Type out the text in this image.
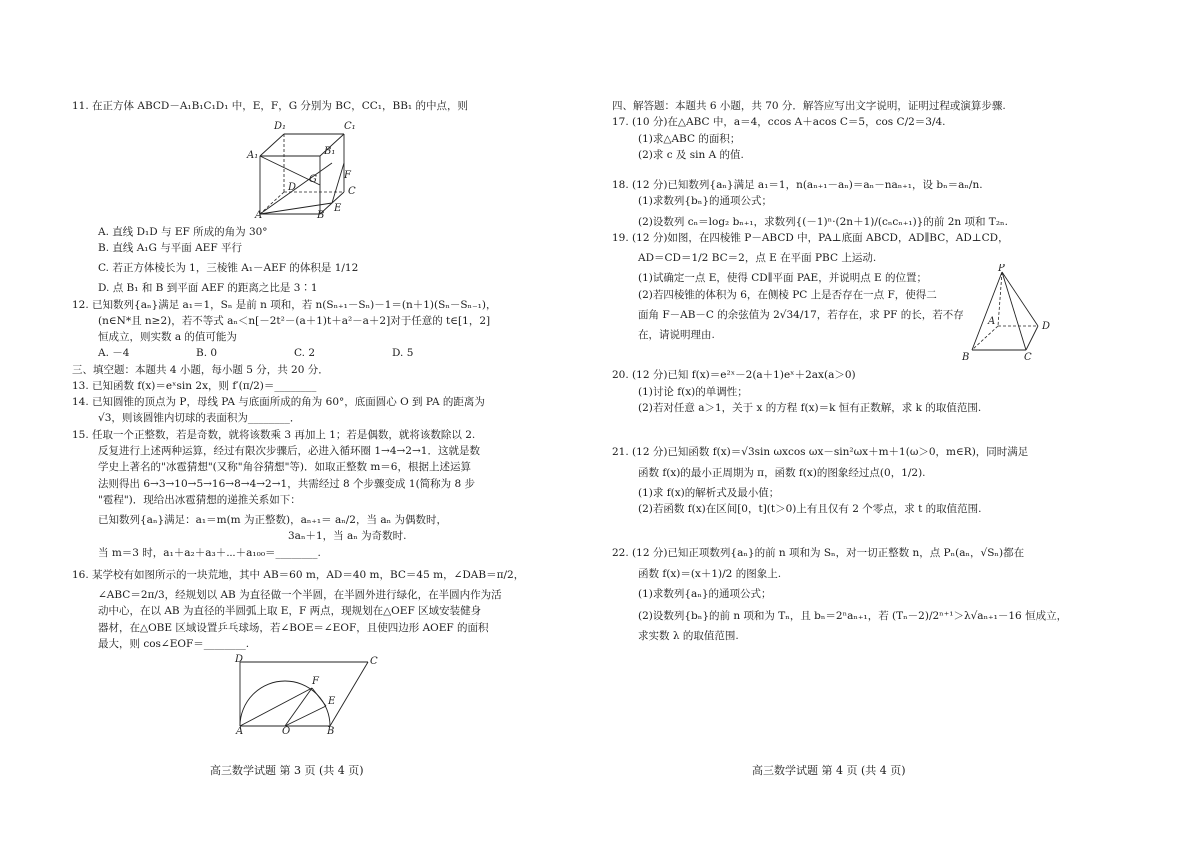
11. 在正方体 ABCD－A₁B₁C₁D₁ 中，E，F，G 分别为 BC，CC₁，BB₁ 的中点，则
D₁	C₁
A₁	B₁
D
G
C
F
A	B
E
A. 直线 D₁D 与 EF 所成的角为 30°
B. 直线 A₁G 与平面 AEF 平行
C. 若正方体棱长为 1，三棱锥 A₁－AEF 的体积是 1/12
D. 点 B₁ 和 B 到平面 AEF 的距离之比是 3∶1
12. 已知数列{aₙ}满足 a₁＝1，Sₙ 是前 n 项和，若 n(Sₙ₊₁－Sₙ)－1＝(n＋1)(Sₙ－Sₙ₋₁)，
(n∈N*且 n≥2)，若不等式 aₙ＜n[－2t²－(a＋1)t＋a²－a＋2]对于任意的 t∈[1，2]
恒成立，则实数 a 的值可能为
A. －4	B. 0	C. 2	D. 5
三、填空题：本题共 4 小题，每小题 5 分，共 20 分．
13. 已知函数 f(x)＝eˣsin 2x，则 f′(π/2)＝________
14. 已知圆锥的顶点为 P，母线 PA 与底面所成的角为 60°，底面圆心 O 到 PA 的距离为
√3，则该圆锥内切球的表面积为________．
15. 任取一个正整数，若是奇数，就将该数乘 3 再加上 1；若是偶数，就将该数除以 2.
反复进行上述两种运算，经过有限次步骤后，必进入循环圈 1→4→2→1．这就是数
学史上著名的"冰雹猜想"(又称"角谷猜想"等)．如取正整数 m＝6，根据上述运算
法则得出 6→3→10→5→16→8→4→2→1，共需经过 8 个步骤变成 1(简称为 8 步
"雹程")．现给出冰雹猜想的递推关系如下：
已知数列{aₙ}满足：a₁＝m(m 为正整数)，aₙ₊₁＝ aₙ/2，当 aₙ 为偶数时，
3aₙ＋1，当 aₙ 为奇数时.
当 m＝3 时，a₁＋a₂＋a₃＋⋯＋a₁₀₀＝________.
16. 某学校有如图所示的一块荒地，其中 AB＝60 m，AD＝40 m，BC＝45 m，∠DAB＝π/2，
∠ABC＝2π/3，经规划以 AB 为直径做一个半圆，在半圆外进行绿化，在半圆内作为活
动中心，在以 AB 为直径的半圆弧上取 E，F 两点，现规划在△OEF 区域安装健身
器材，在△OBE 区域设置乒乓球场，若∠BOE＝∠EOF，且使四边形 AOEF 的面积
最大，则 cos∠EOF＝________.
D	C
F
E
A	O	B
高三数学试题 第 3 页 (共 4 页)
四、解答题：本题共 6 小题，共 70 分．解答应写出文字说明，证明过程或演算步骤.
17. (10 分)在△ABC 中，a＝4，ccos A＋acos C＝5，cos C/2＝3/4.
(1)求△ABC 的面积；
(2)求 c 及 sin A 的值.
18. (12 分)已知数列{aₙ}满足 a₁＝1，n(aₙ₊₁－aₙ)＝aₙ－naₙ₊₁，设 bₙ＝aₙ/n.
(1)求数列{bₙ}的通项公式；
(2)设数列 cₙ＝log₂ bₙ₊₁，求数列{(－1)ⁿ·(2n＋1)/(cₙcₙ₊₁)}的前 2n 项和 T₂ₙ.
19. (12 分)如图，在四棱锥 P－ABCD 中，PA⊥底面 ABCD，AD∥BC，AD⊥CD，
AD＝CD＝1/2 BC＝2，点 E 在平面 PBC 上运动.
(1)试确定一点 E，使得 CD∥平面 PAE，并说明点 E 的位置；
(2)若四棱锥的体积为 6，在侧棱 PC 上是否存在一点 F，使得二
面角 F－AB－C 的余弦值为 2√34/17，若存在，求 PF 的长，若不存
在，请说明理由.
P
A	D
B	C
20. (12 分)已知 f(x)＝e²ˣ－2(a＋1)eˣ＋2ax(a＞0)
(1)讨论 f(x)的单调性；
(2)若对任意 a＞1，关于 x 的方程 f(x)＝k 恒有正数解，求 k 的取值范围.
21. (12 分)已知函数 f(x)＝√3sin ωxcos ωx－sin²ωx＋m＋1(ω＞0，m∈R)，同时满足
函数 f(x)的最小正周期为 π，函数 f(x)的图象经过点(0，1/2).
(1)求 f(x)的解析式及最小值；
(2)若函数 f(x)在区间[0，t](t＞0)上有且仅有 2 个零点，求 t 的取值范围.
22. (12 分)已知正项数列{aₙ}的前 n 项和为 Sₙ，对一切正整数 n，点 Pₙ(aₙ，√Sₙ)都在
函数 f(x)＝(x＋1)/2 的图象上.
(1)求数列{aₙ}的通项公式；
(2)设数列{bₙ}的前 n 项和为 Tₙ，且 bₙ＝2ⁿaₙ₊₁，若 (Tₙ－2)/2ⁿ⁺¹＞λ√aₙ₊₁－16 恒成立，
求实数 λ 的取值范围.
高三数学试题 第 4 页 (共 4 页)
